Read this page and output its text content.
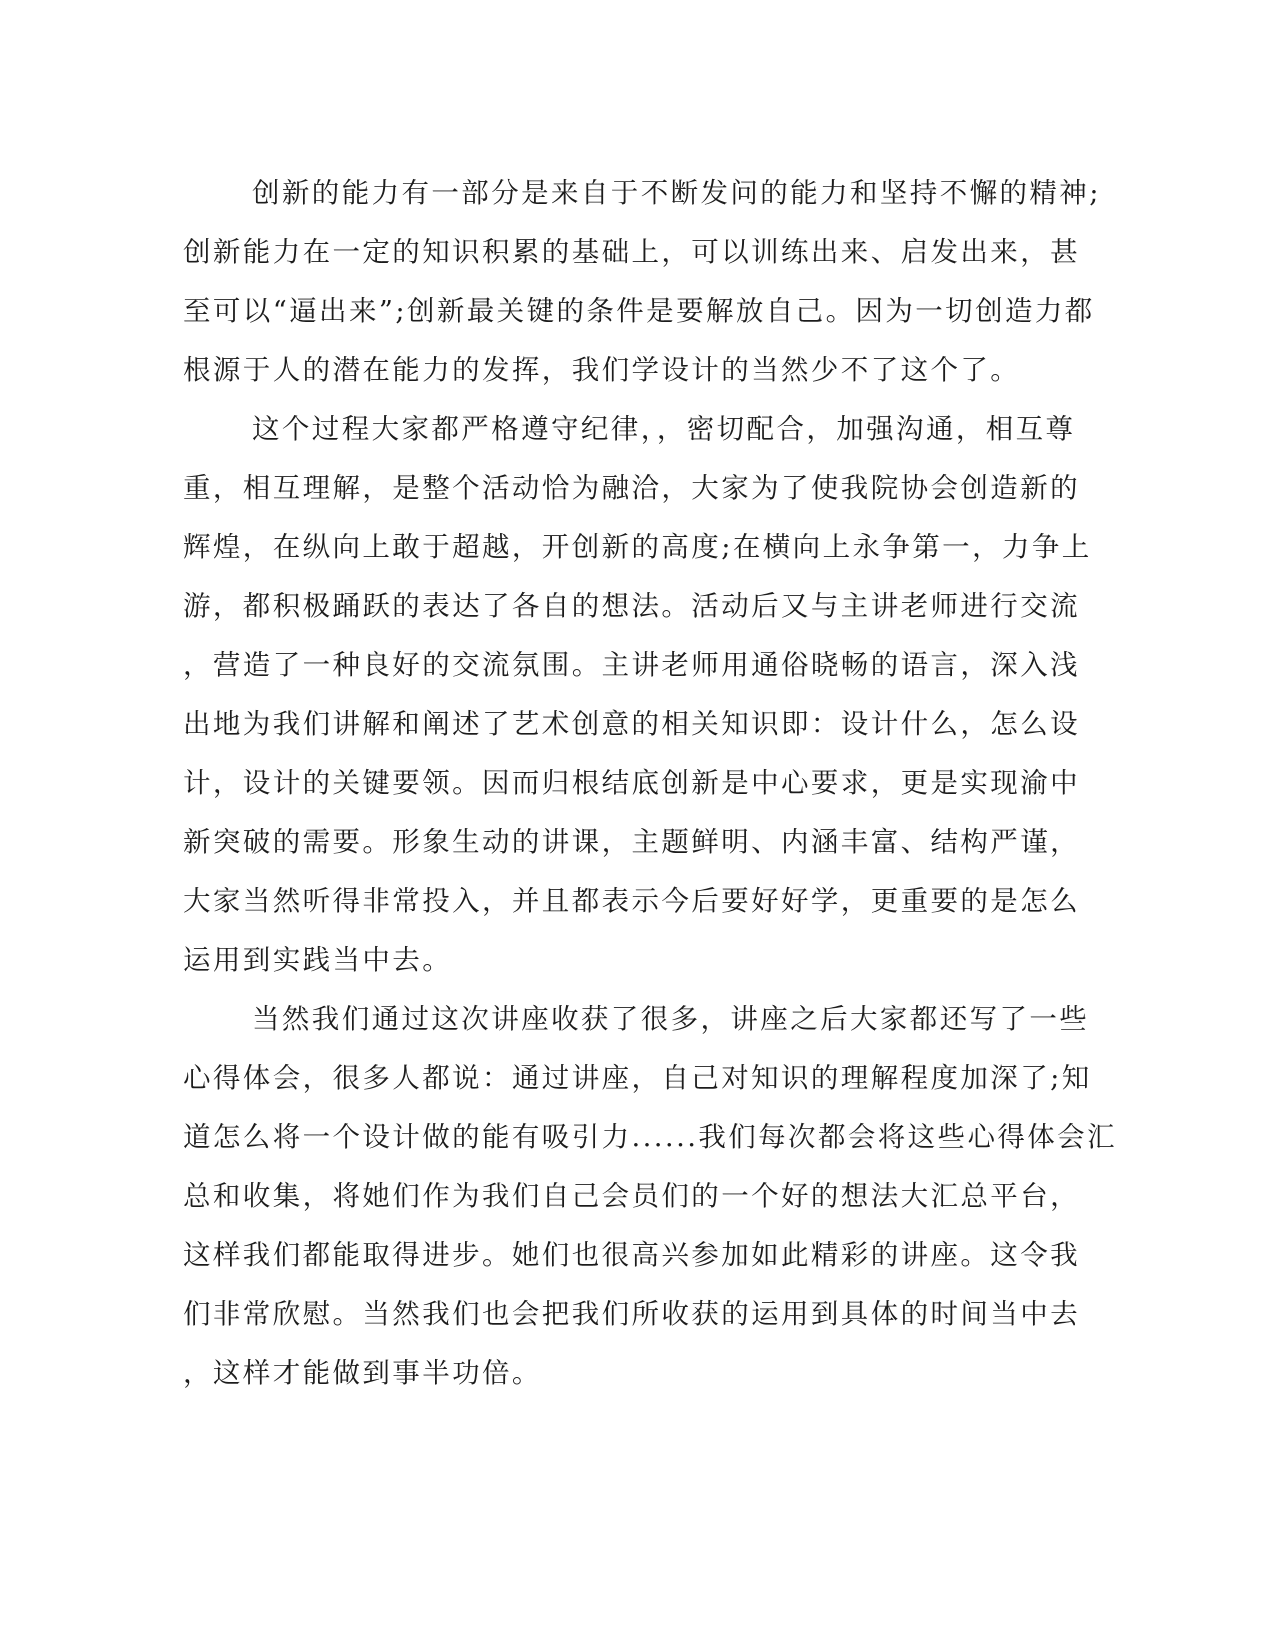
创新的能力有一部分是来自于不断发问的能力和坚持不懈的精神;
创新能力在一定的知识积累的基础上，可以训练出来、启发出来，甚
至可以“逼出来”;创新最关键的条件是要解放自己。因为一切创造力都
根源于人的潜在能力的发挥，我们学设计的当然少不了这个了。
这个过程大家都严格遵守纪律，，密切配合，加强沟通，相互尊
重，相互理解，是整个活动恰为融洽，大家为了使我院协会创造新的
辉煌，在纵向上敢于超越，开创新的高度;在横向上永争第一，力争上
游，都积极踊跃的表达了各自的想法。活动后又与主讲老师进行交流
，营造了一种良好的交流氛围。主讲老师用通俗晓畅的语言，深入浅
出地为我们讲解和阐述了艺术创意的相关知识即：设计什么，怎么设
计，设计的关键要领。因而归根结底创新是中心要求，更是实现渝中
新突破的需要。形象生动的讲课，主题鲜明、内涵丰富、结构严谨，
大家当然听得非常投入，并且都表示今后要好好学，更重要的是怎么
运用到实践当中去。
当然我们通过这次讲座收获了很多，讲座之后大家都还写了一些
心得体会，很多人都说：通过讲座，自己对知识的理解程度加深了;知
道怎么将一个设计做的能有吸引力......我们每次都会将这些心得体会汇
总和收集，将她们作为我们自己会员们的一个好的想法大汇总平台，
这样我们都能取得进步。她们也很高兴参加如此精彩的讲座。这令我
们非常欣慰。当然我们也会把我们所收获的运用到具体的时间当中去
，这样才能做到事半功倍。
